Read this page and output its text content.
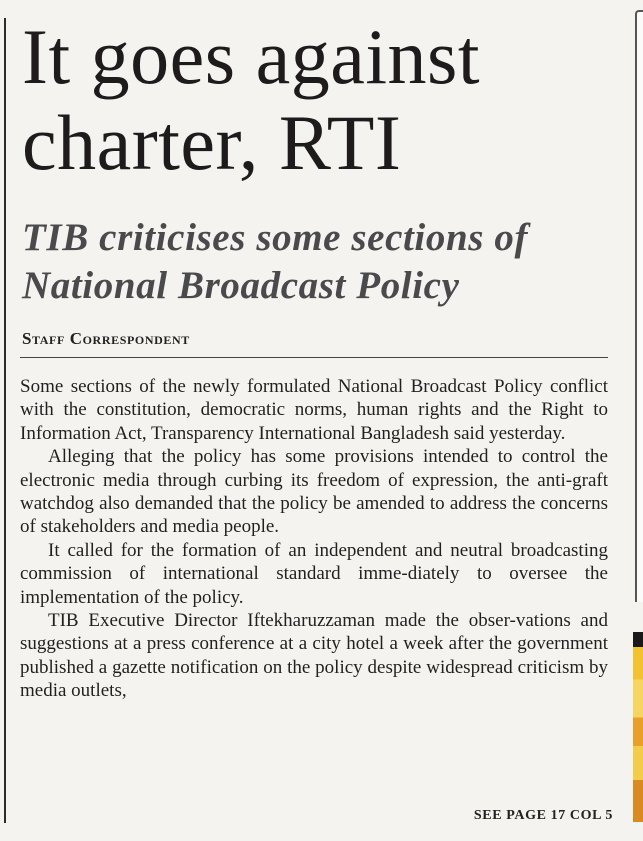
It goes against
charter, RTI
TIB criticises some sections of
National Broadcast Policy
Staff Correspondent

Some sections of the newly formulated National Broadcast Policy conflict with the constitution, democratic norms, human rights and the Right to Information Act, Transparency International Bangladesh said yesterday.

Alleging that the policy has some provisions intended to control the electronic media through curbing its freedom of expression, the anti-graft watchdog also demanded that the policy be amended to address the concerns of stakeholders and media people.

It called for the formation of an independent and neutral broadcasting commission of international standard imme-diately to oversee the implementation of the policy.

TIB Executive Director Iftekharuzzaman made the obser-vations and suggestions at a press conference at a city hotel a week after the government published a gazette notification on the policy despite widespread criticism by media outlets,

SEE PAGE 17 COL 5
